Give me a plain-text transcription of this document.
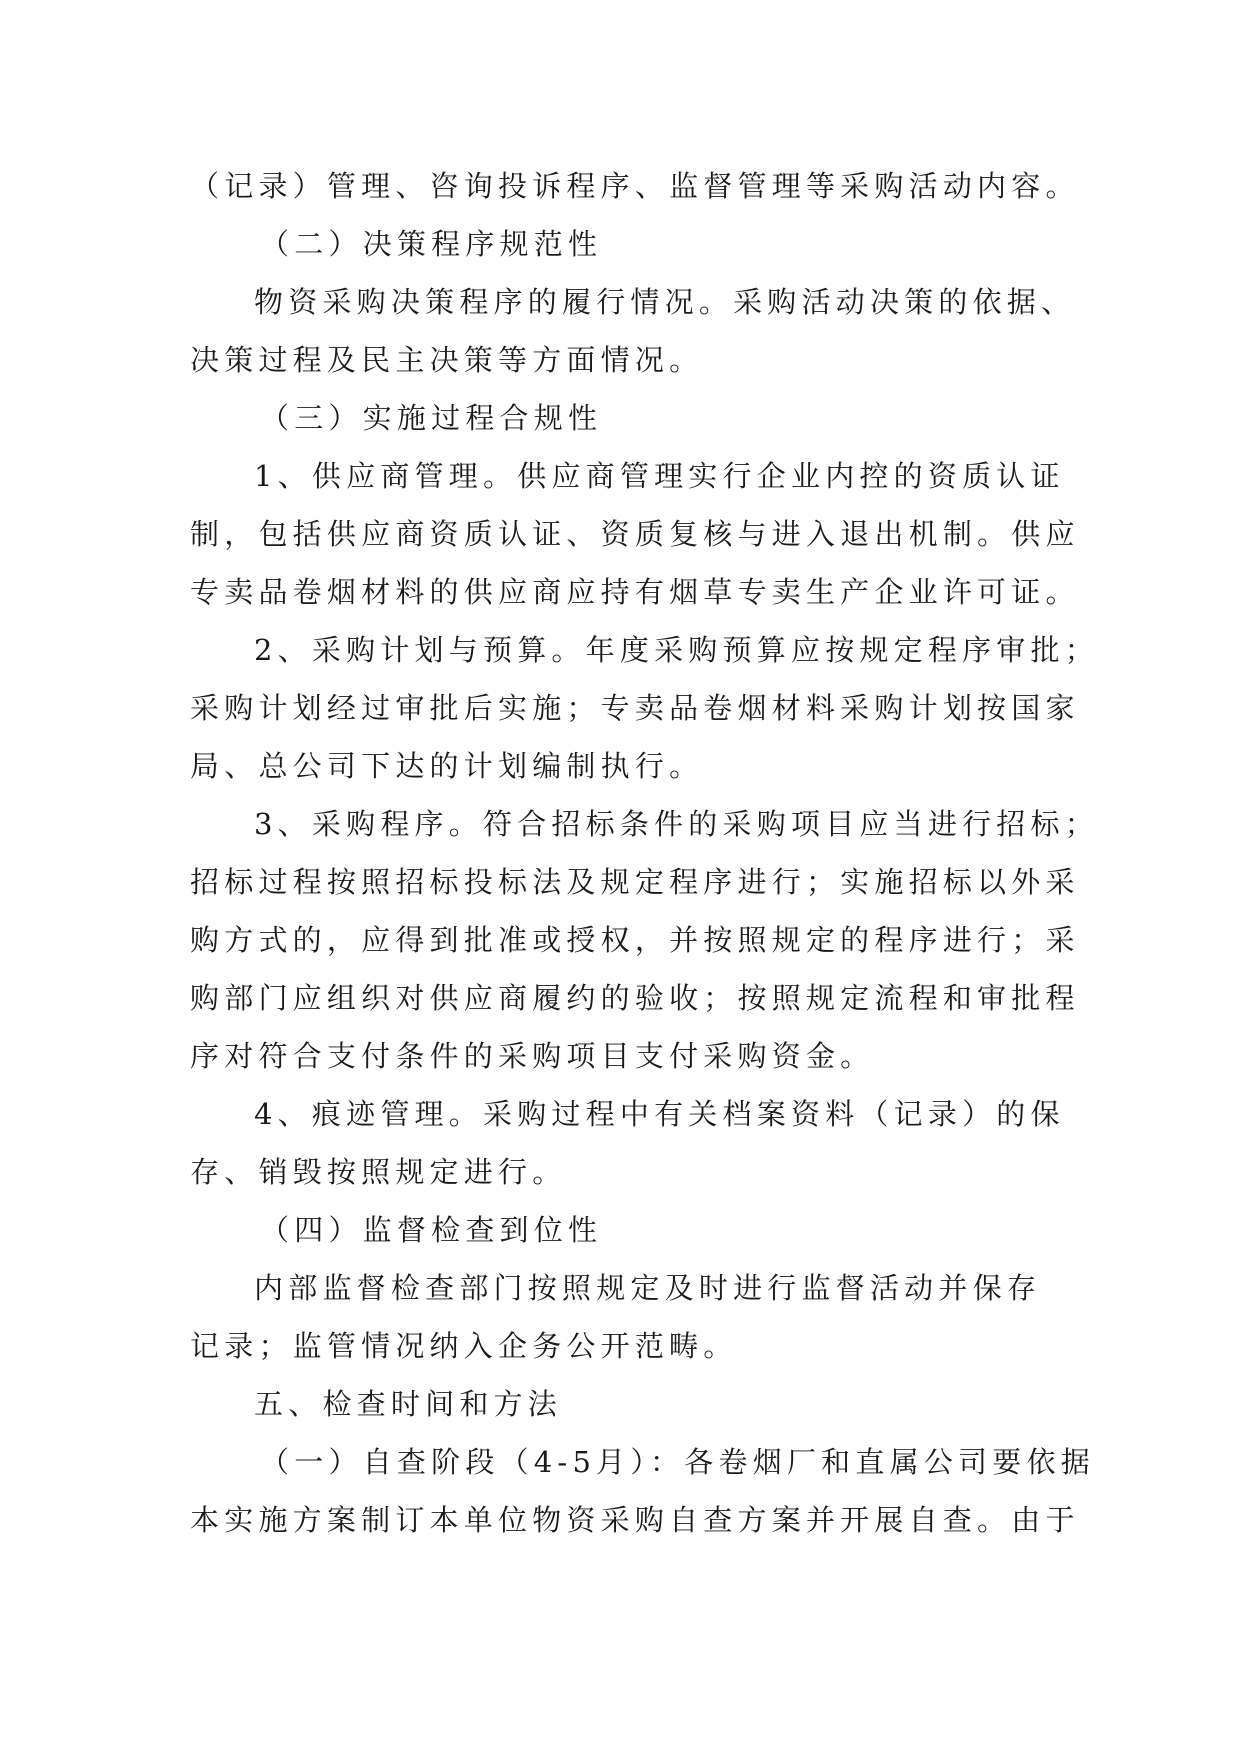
（记录）管理、咨询投诉程序、监督管理等采购活动内容。
（二）决策程序规范性
物资采购决策程序的履行情况。采购活动决策的依据、
决策过程及民主决策等方面情况。
（三）实施过程合规性
1、供应商管理。供应商管理实行企业内控的资质认证
制，包括供应商资质认证、资质复核与进入退出机制。供应
专卖品卷烟材料的供应商应持有烟草专卖生产企业许可证。
2、采购计划与预算。年度采购预算应按规定程序审批；
采购计划经过审批后实施；专卖品卷烟材料采购计划按国家
局、总公司下达的计划编制执行。
3、采购程序。符合招标条件的采购项目应当进行招标；
招标过程按照招标投标法及规定程序进行；实施招标以外采
购方式的，应得到批准或授权，并按照规定的程序进行；采
购部门应组织对供应商履约的验收；按照规定流程和审批程
序对符合支付条件的采购项目支付采购资金。
4、痕迹管理。采购过程中有关档案资料（记录）的保
存、销毁按照规定进行。
（四）监督检查到位性
内部监督检查部门按照规定及时进行监督活动并保存
记录；监管情况纳入企务公开范畴。
五、检查时间和方法
（一）自查阶段（4-5月）：各卷烟厂和直属公司要依据
本实施方案制订本单位物资采购自查方案并开展自查。由于
